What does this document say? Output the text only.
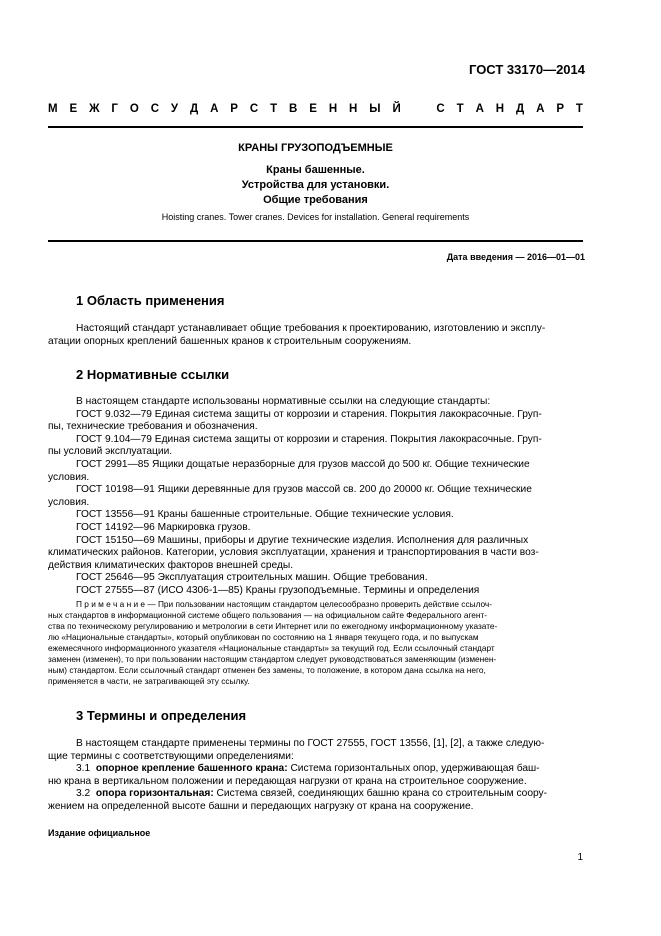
ГОСТ 33170—2014
М Е Ж Г О С У Д А Р С Т В Е Н Н Ы Й	С Т А Н Д А Р Т
КРАНЫ ГРУЗОПОДЪЕМНЫЕ
Краны башенные.
Устройства для установки.
Общие требования
Hoisting cranes. Tower cranes. Devices for installation. General requirements
Дата введения — 2016—01—01
1 Область применения
Настоящий стандарт устанавливает общие требования к проектированию, изготовлению и эксплу-
атации опорных креплений башенных кранов к строительным сооружениям.
2 Нормативные ссылки
В настоящем стандарте использованы нормативные ссылки на следующие стандарты:
ГОСТ 9.032—79 Единая система защиты от коррозии и старения. Покрытия лакокрасочные. Груп-
пы, технические требования и обозначения.
ГОСТ 9.104—79 Единая система защиты от коррозии и старения. Покрытия лакокрасочные. Груп-
пы условий эксплуатации.
ГОСТ 2991—85 Ящики дощатые неразборные для грузов массой до 500 кг. Общие технические
условия.
ГОСТ 10198—91 Ящики деревянные для грузов массой св. 200 до 20000 кг. Общие технические
условия.
ГОСТ 13556—91 Краны башенные строительные. Общие технические условия.
ГОСТ 14192—96 Маркировка грузов.
ГОСТ 15150—69 Машины, приборы и другие технические изделия. Исполнения для различных
климатических районов. Категории, условия эксплуатации, хранения и транспортирования в части воз-
действия климатических факторов внешней среды.
ГОСТ 25646—95 Эксплуатация строительных машин. Общие требования.
ГОСТ 27555—87 (ИСО 4306-1—85) Краны грузоподъемные. Термины и определения
П р и м е ч а н и е — При пользовании настоящим стандартом целесообразно проверить действие ссылоч-
ных стандартов в информационной системе общего пользования — на официальном сайте Федерального агент-
ства по техническому регулированию и метрологии в сети Интернет или по ежегодному информационному указате-
лю «Национальные стандарты», который опубликован по состоянию на 1 января текущего года, и по выпускам
ежемесячного информационного указателя «Национальные стандарты» за текущий год. Если ссылочный стандарт
заменен (изменен), то при пользовании настоящим стандартом следует руководствоваться заменяющим (изменен-
ным) стандартом. Если ссылочный стандарт отменен без замены, то положение, в котором дана ссылка на него,
применяется в части, не затрагивающей эту ссылку.
3 Термины и определения
В настоящем стандарте применены термины по ГОСТ 27555, ГОСТ 13556, [1], [2], а также следую-
щие термины с соответствующими определениями:
3.1 опорное крепление башенного крана: Система горизонтальных опор, удерживающая баш-
ню крана в вертикальном положении и передающая нагрузки от крана на строительное сооружение.
3.2 опора горизонтальная: Система связей, соединяющих башню крана со строительным соору-
жением на определенной высоте башни и передающих нагрузку от крана на сооружение.
Издание официальное
1
